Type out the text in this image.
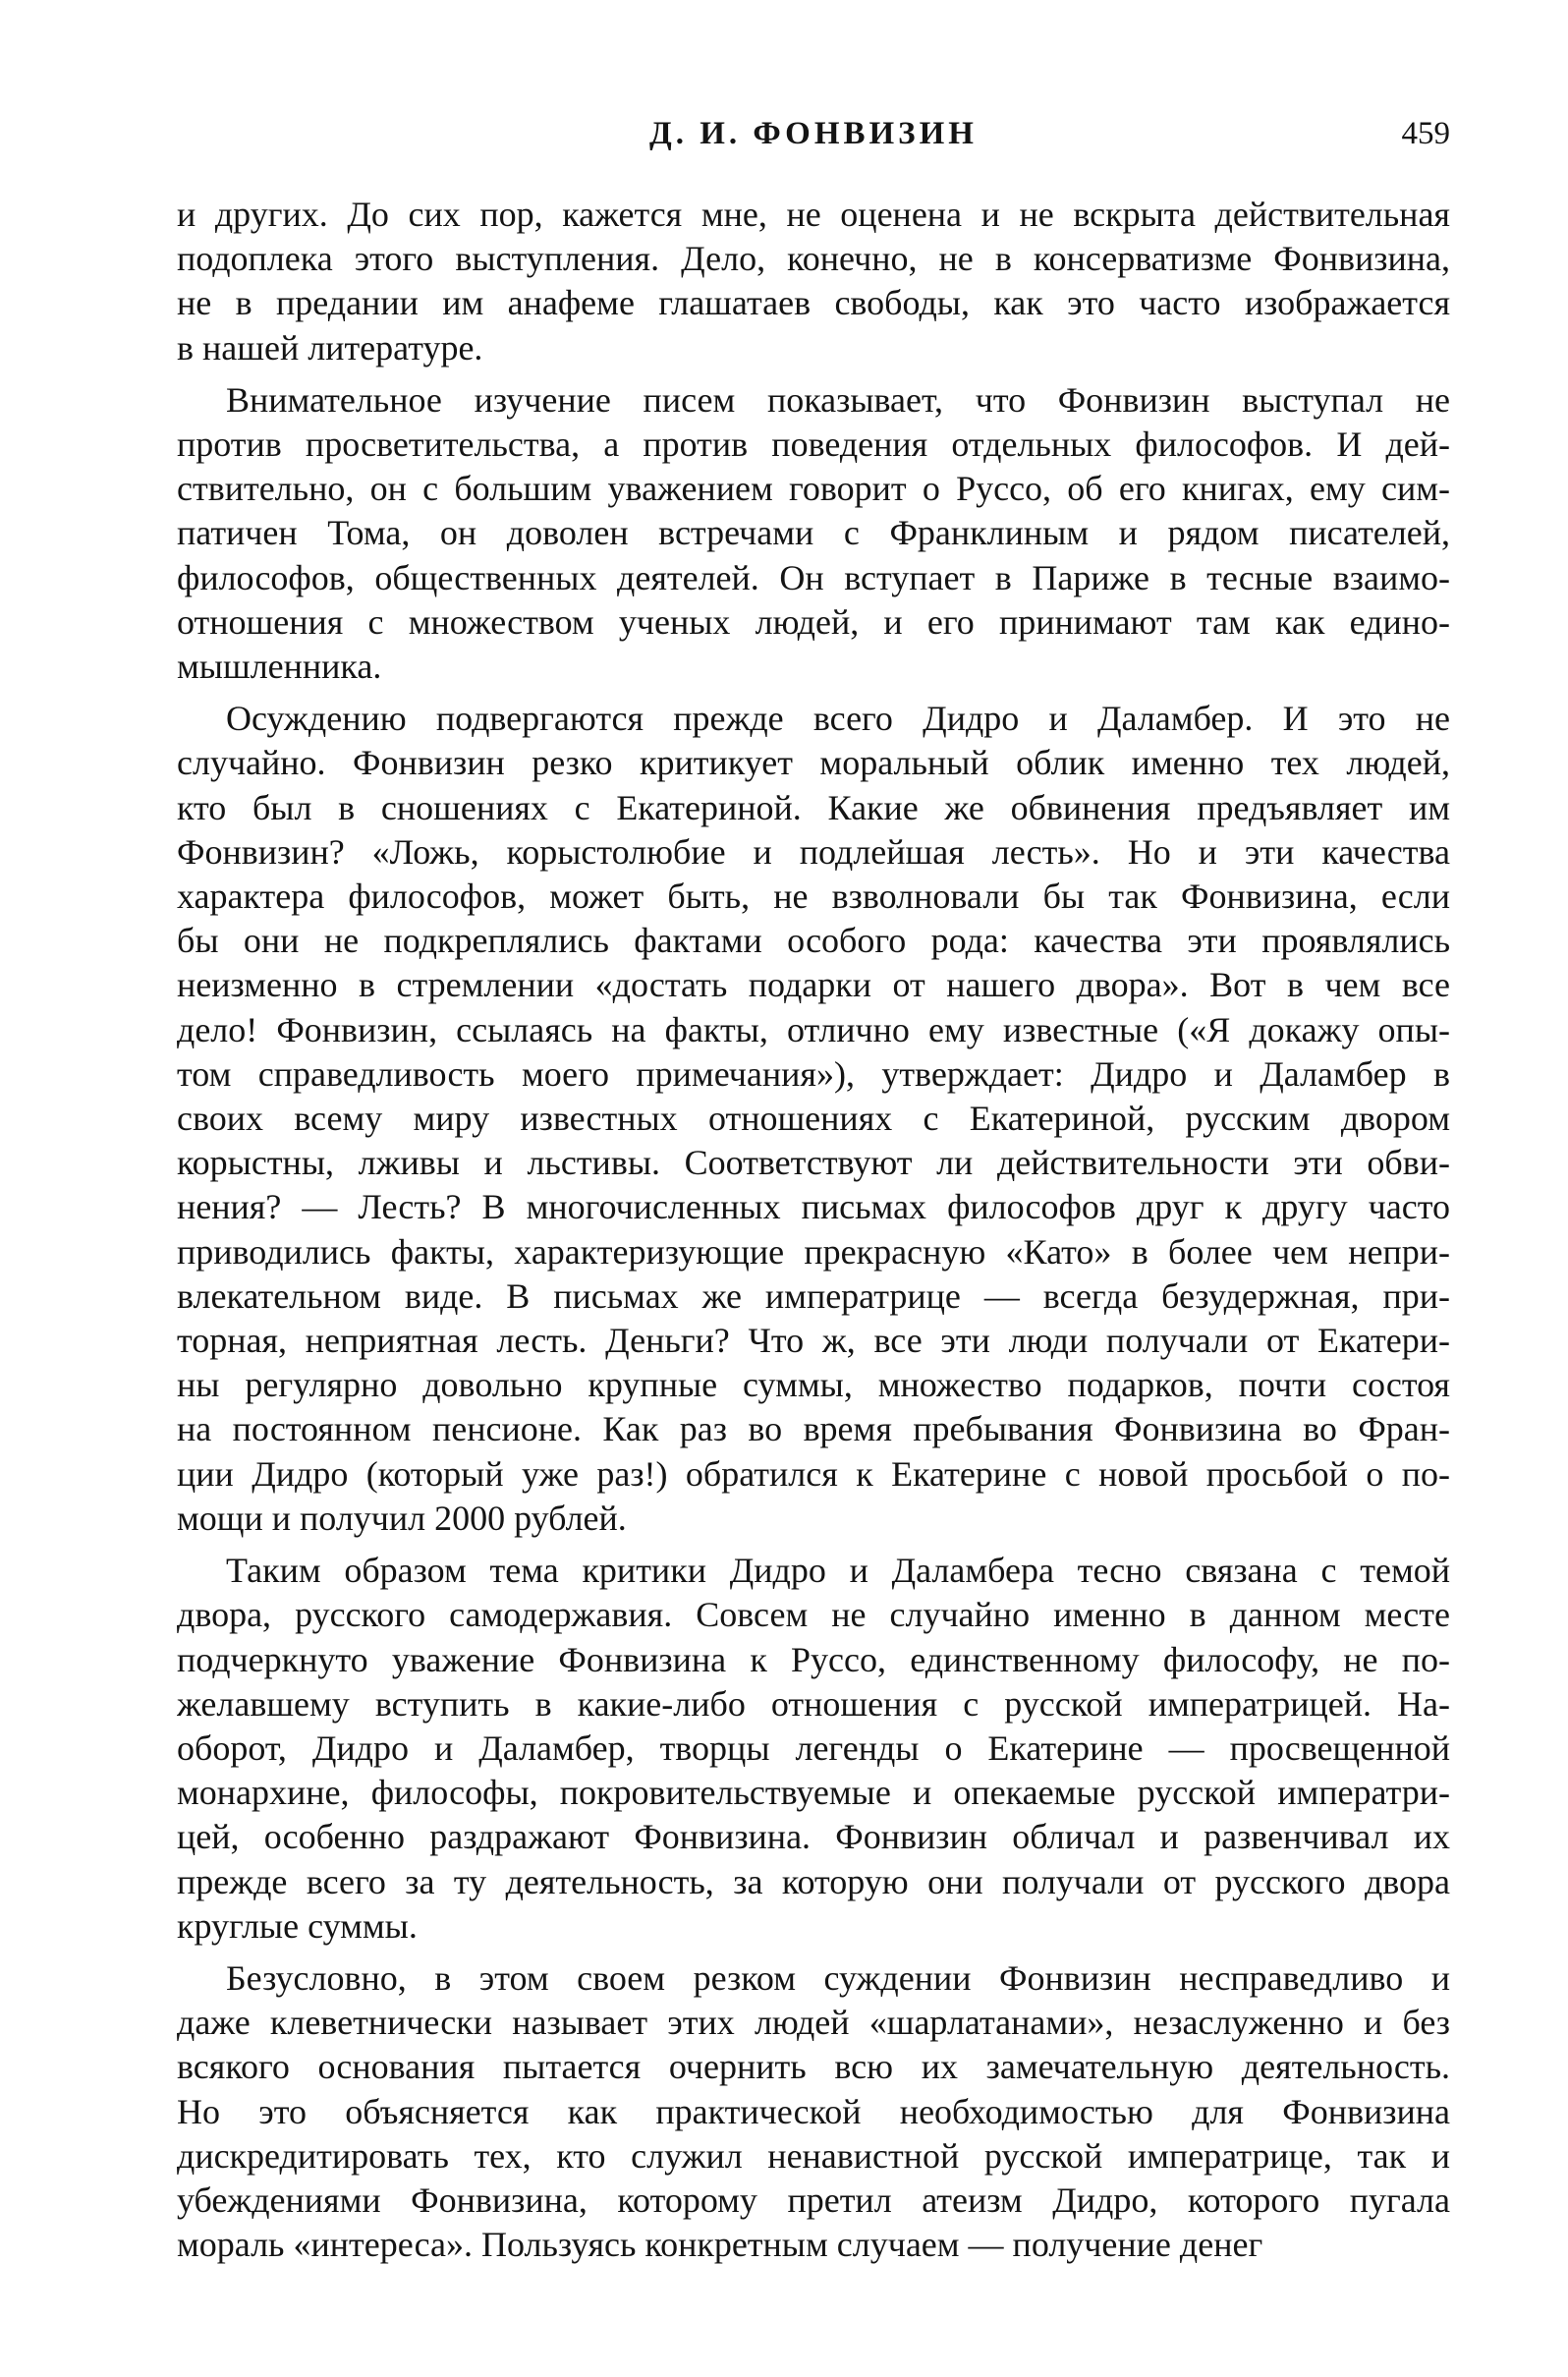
Д. И. ФОНВИЗИН	459
и других. До сих пор, кажется мне, не оценена и не вскрыта действительная
подоплека этого выступления. Дело, конечно, не в консерватизме Фонвизина,
не в предании им анафеме глашатаев свободы, как это часто изображается
в нашей литературе.
Внимательное изучение писем показывает, что Фонвизин выступал не
против просветительства, а против поведения отдельных философов. И дей-
ствительно, он с большим уважением говорит о Руссо, об его книгах, ему сим-
патичен Тома, он доволен встречами с Франклиным и рядом писателей,
философов, общественных деятелей. Он вступает в Париже в тесные взаимо-
отношения с множеством ученых людей, и его принимают там как едино-
мышленника.
Осуждению подвергаются прежде всего Дидро и Даламбер. И это не
случайно. Фонвизин резко критикует моральный облик именно тех людей,
кто был в сношениях с Екатериной. Какие же обвинения предъявляет им
Фонвизин? «Ложь, корыстолюбие и подлейшая лесть». Но и эти качества
характера философов, может быть, не взволновали бы так Фонвизина, если
бы они не подкреплялись фактами особого рода: качества эти проявлялись
неизменно в стремлении «достать подарки от нашего двора». Вот в чем все
дело! Фонвизин, ссылаясь на факты, отлично ему известные («Я докажу опы-
том справедливость моего примечания»), утверждает: Дидро и Даламбер в
своих всему миру известных отношениях с Екатериной, русским двором
корыстны, лживы и льстивы. Соответствуют ли действительности эти обви-
нения? — Лесть? В многочисленных письмах философов друг к другу часто
приводились факты, характеризующие прекрасную «Като» в более чем непри-
влекательном виде. В письмах же императрице — всегда безудержная, при-
торная, неприятная лесть. Деньги? Что ж, все эти люди получали от Екатери-
ны регулярно довольно крупные суммы, множество подарков, почти состоя
на постоянном пенсионе. Как раз во время пребывания Фонвизина во Фран-
ции Дидро (который уже раз!) обратился к Екатерине с новой просьбой о по-
мощи и получил 2000 рублей.
Таким образом тема критики Дидро и Даламбера тесно связана с темой
двора, русского самодержавия. Совсем не случайно именно в данном месте
подчеркнуто уважение Фонвизина к Руссо, единственному философу, не по-
желавшему вступить в какие-либо отношения с русской императрицей. На-
оборот, Дидро и Даламбер, творцы легенды о Екатерине — просвещенной
монархине, философы, покровительствуемые и опекаемые русской императри-
цей, особенно раздражают Фонвизина. Фонвизин обличал и развенчивал их
прежде всего за ту деятельность, за которую они получали от русского двора
круглые суммы.
Безусловно, в этом своем резком суждении Фонвизин несправедливо и
даже клеветнически называет этих людей «шарлатанами», незаслуженно и без
всякого основания пытается очернить всю их замечательную деятельность.
Но это объясняется как практической необходимостью для Фонвизина
дискредитировать тех, кто служил ненавистной русской императрице, так и
убеждениями Фонвизина, которому претил атеизм Дидро, которого пугала
мораль «интереса». Пользуясь конкретным случаем — получение денег
